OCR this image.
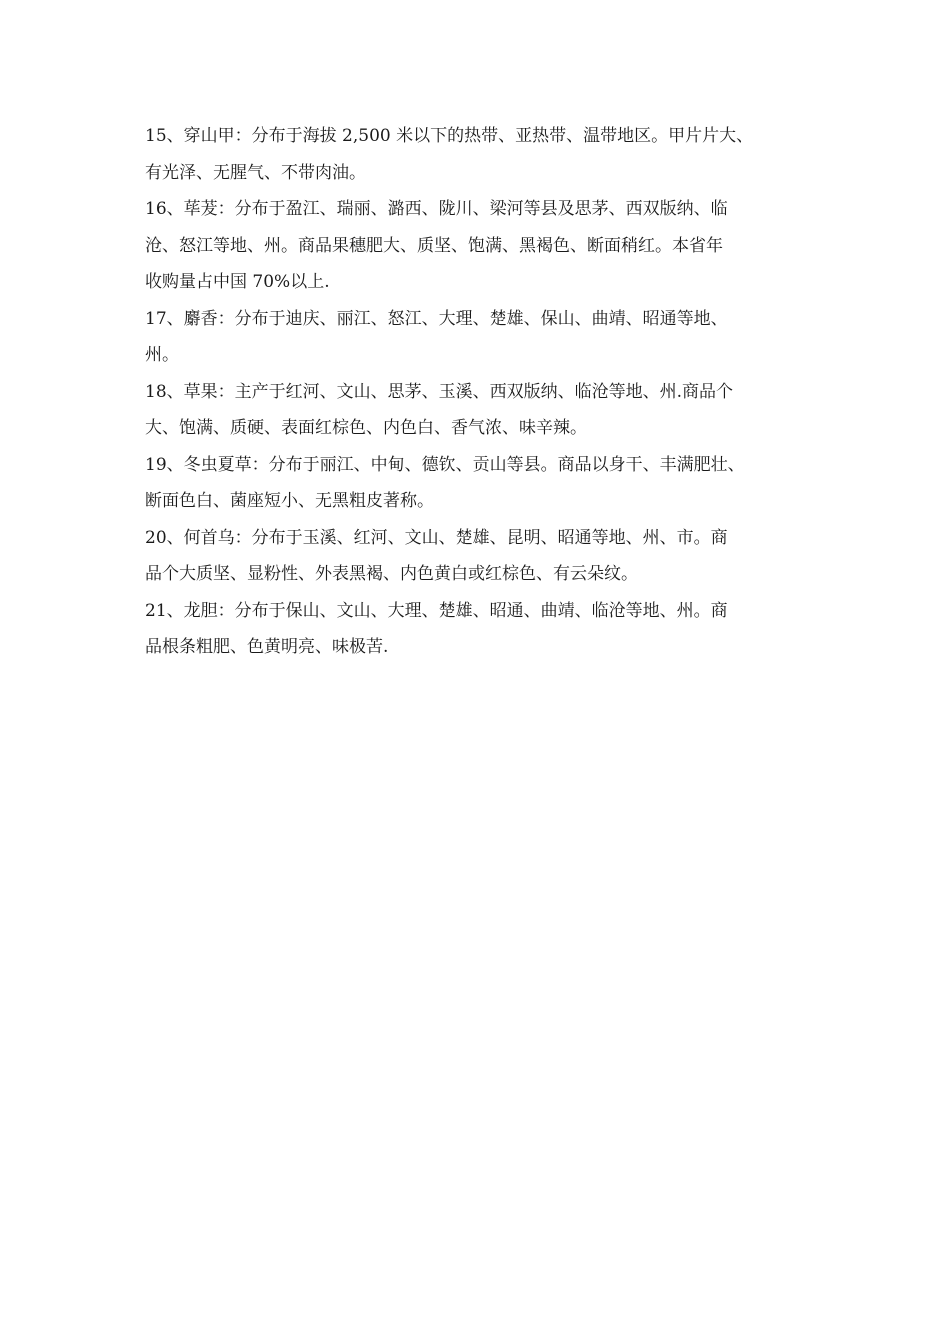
15、穿山甲：分布于海拔 2,500 米以下的热带、亚热带、温带地区。甲片片大、
有光泽、无腥气、不带肉油。

16、荜茇：分布于盈江、瑞丽、潞西、陇川、梁河等县及思茅、西双版纳、临
沧、怒江等地、州。商品果穗肥大、质坚、饱满、黑褐色、断面稍红。本省年
收购量占中国 70%以上.

17、麝香：分布于迪庆、丽江、怒江、大理、楚雄、保山、曲靖、昭通等地、
州。

18、草果：主产于红河、文山、思茅、玉溪、西双版纳、临沧等地、州.商品个
大、饱满、质硬、表面红棕色、内色白、香气浓、味辛辣。

19、冬虫夏草：分布于丽江、中甸、德钦、贡山等县。商品以身干、丰满肥壮、
断面色白、菌座短小、无黑粗皮著称。

20、何首乌：分布于玉溪、红河、文山、楚雄、昆明、昭通等地、州、市。商
品个大质坚、显粉性、外表黑褐、内色黄白或红棕色、有云朵纹。

21、龙胆：分布于保山、文山、大理、楚雄、昭通、曲靖、临沧等地、州。商
品根条粗肥、色黄明亮、味极苦.
